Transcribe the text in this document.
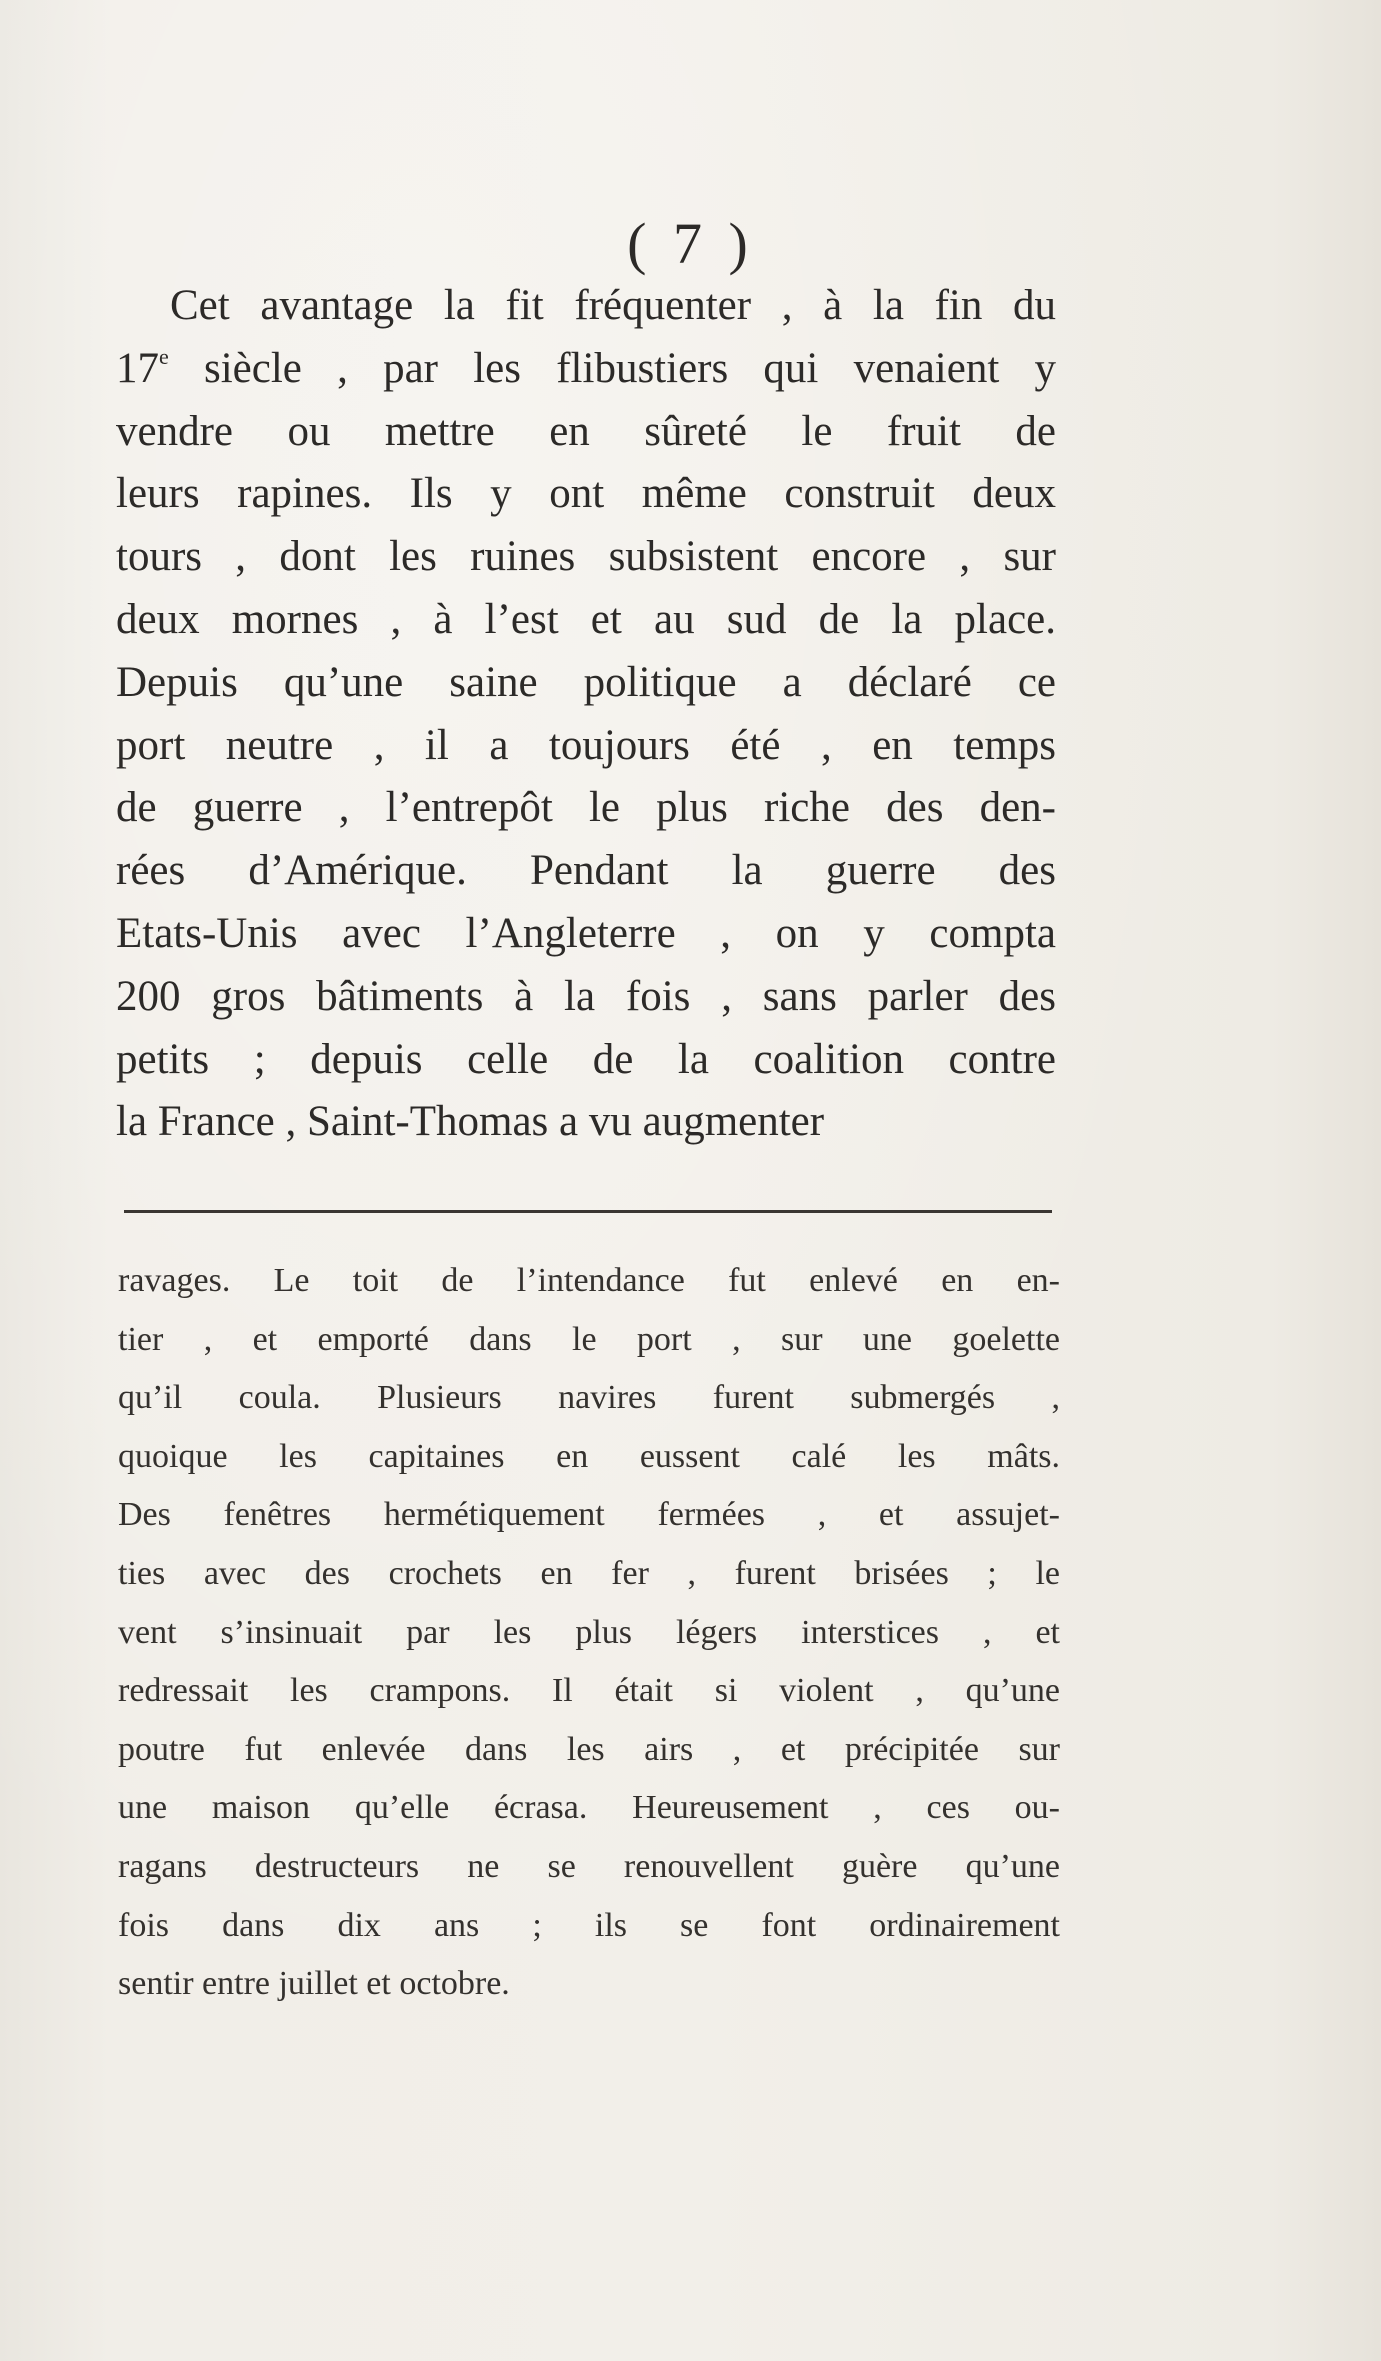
( 7 )
Cet avantage la fit fréquenter , à la fin du
17e siècle , par les flibustiers qui venaient y
vendre ou mettre en sûreté le fruit de
leurs rapines. Ils y ont même construit deux
tours , dont les ruines subsistent encore , sur
deux mornes , à l’est et au sud de la place.
Depuis qu’une saine politique a déclaré ce
port neutre , il a toujours été , en temps
de guerre , l’entrepôt le plus riche des den-
rées d’Amérique. Pendant la guerre des
Etats-Unis avec l’Angleterre , on y compta
200 gros bâtiments à la fois , sans parler des
petits ; depuis celle de la coalition contre
la France , Saint-Thomas a vu augmenter
ravages. Le toit de l’intendance fut enlevé en en-
tier , et emporté dans le port , sur une goelette
qu’il coula. Plusieurs navires furent submergés ,
quoique les capitaines en eussent calé les mâts.
Des fenêtres hermétiquement fermées , et assujet-
ties avec des crochets en fer , furent brisées ; le
vent s’insinuait par les plus légers interstices , et
redressait les crampons. Il était si violent , qu’une
poutre fut enlevée dans les airs , et précipitée sur
une maison qu’elle écrasa. Heureusement , ces ou-
ragans destructeurs ne se renouvellent guère qu’une
fois dans dix ans ; ils se font ordinairement
sentir entre juillet et octobre.
